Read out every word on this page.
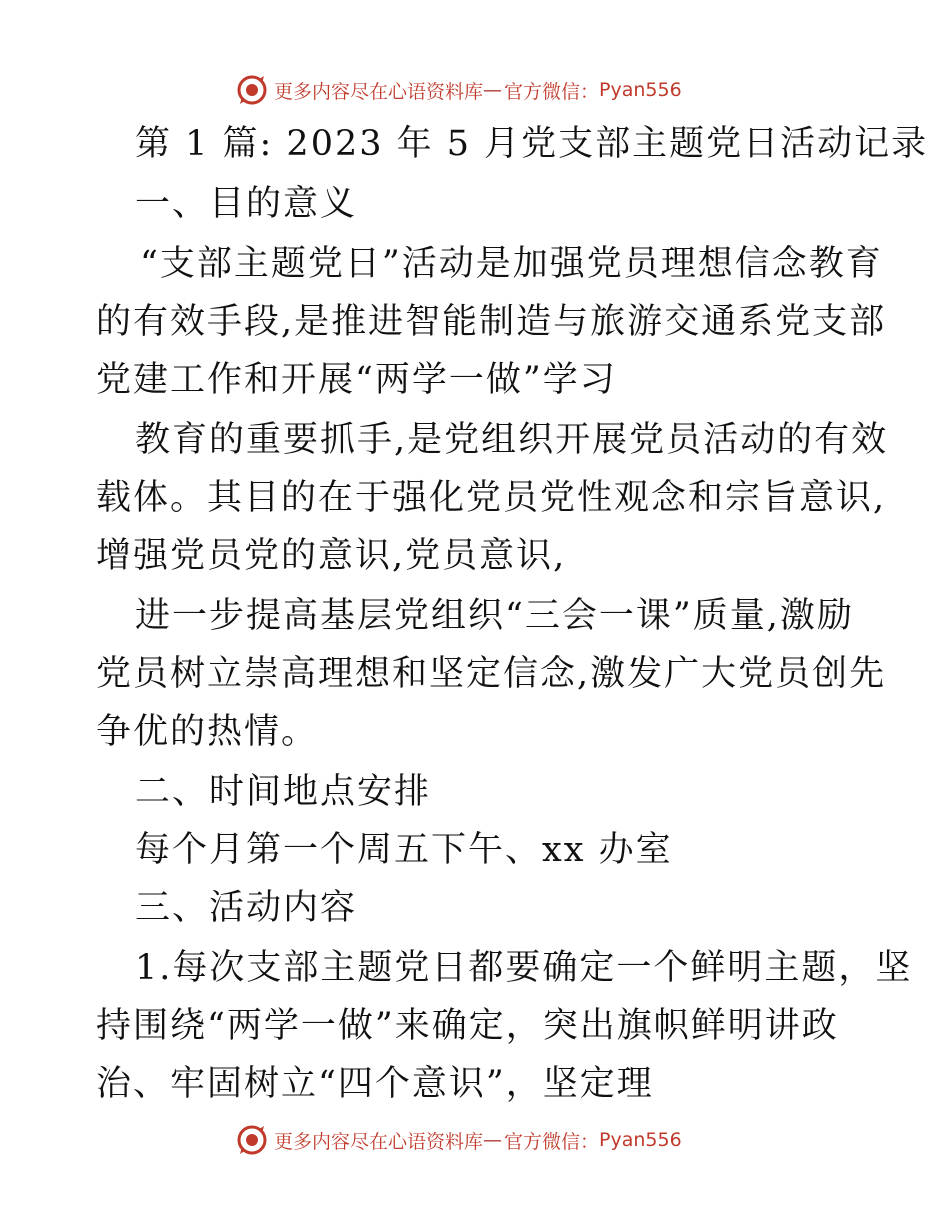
更多内容尽在心语资料库 — 官方微信： Pyan556
第 1 篇: 2023 年 5 月党支部主题党日活动记录
一、目的意义
“支部主题党日”活动是加强党员理想信念教育
的有效手段,是推进智能制造与旅游交通系党支部
党建工作和开展“两学一做”学习
教育的重要抓手,是党组织开展党员活动的有效
载体。其目的在于强化党员党性观念和宗旨意识,
增强党员党的意识,党员意识,
进一步提高基层党组织“三会一课”质量,激励
党员树立崇高理想和坚定信念,激发广大党员创先
争优的热情。
二、时间地点安排
每个月第一个周五下午、xx 办室
三、活动内容
1.每次支部主题党日都要确定一个鲜明主题，坚
持围绕“两学一做”来确定，突出旗帜鲜明讲政
治、牢固树立“四个意识”，坚定理
更多内容尽在心语资料库 — 官方微信： Pyan556
